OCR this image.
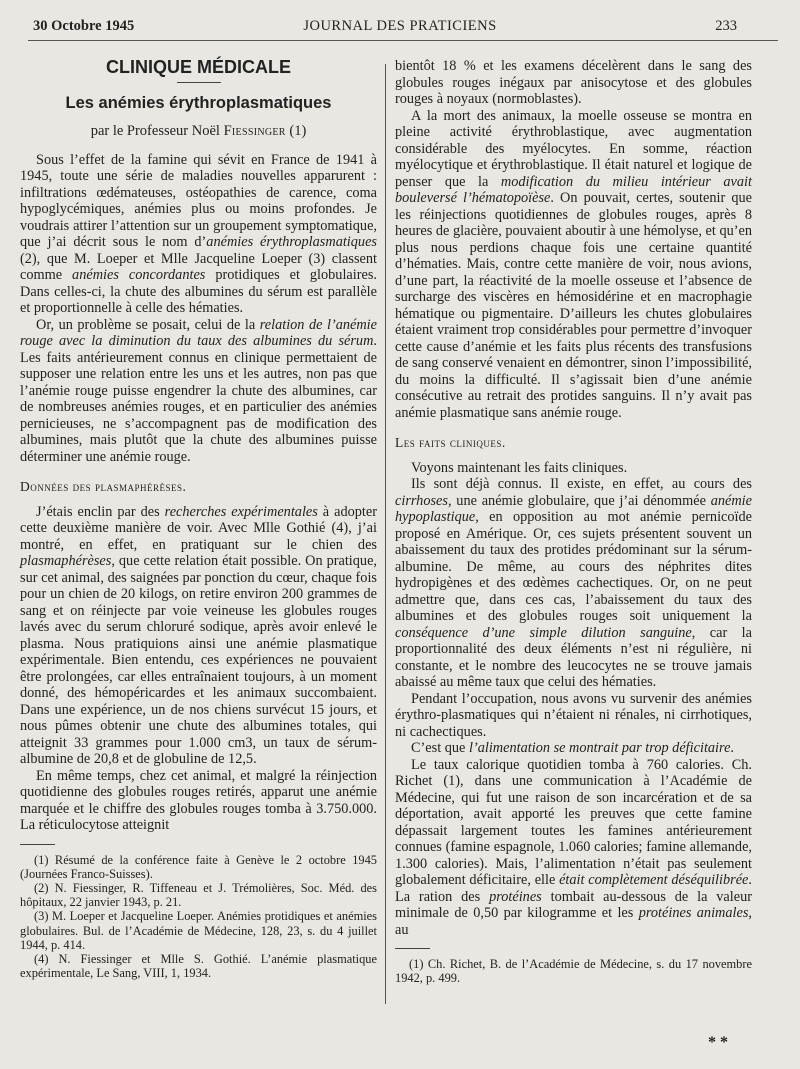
30 Octobre 1945	JOURNAL DES PRATICIENS	233
CLINIQUE MÉDICALE
Les anémies érythroplasmatiques
par le Professeur Noël Fiessinger (1)

Sous l’effet de la famine qui sévit en France de 1941 à 1945, toute une série de maladies nouvelles apparurent : infiltrations œdémateuses, ostéopathies de carence, coma hypoglycémiques, anémies plus ou moins profondes. Je voudrais attirer l’attention sur un groupement symptomatique, que j’ai décrit sous le nom d’anémies érythroplasmatiques (2), que M. Loeper et Mlle Jacqueline Loeper (3) classent comme anémies concordantes protidiques et globulaires. Dans celles-ci, la chute des albumines du sérum est parallèle et proportionnelle à celle des hématies.

Or, un problème se posait, celui de la relation de l’anémie rouge avec la diminution du taux des albumines du sérum. Les faits antérieurement connus en clinique permettaient de supposer une relation entre les uns et les autres, non pas que l’anémie rouge puisse engendrer la chute des albumines, car de nombreuses anémies rouges, et en particulier des anémies pernicieuses, ne s’accompagnent pas de modification des albumines, mais plutôt que la chute des albumines puisse déterminer une anémie rouge.

Données des plasmaphérèses.

J’étais enclin par des recherches expérimentales à adopter cette deuxième manière de voir. Avec Mlle Gothié (4), j’ai montré, en effet, en pratiquant sur le chien des plasmaphérèses, que cette relation était possible. On pratique, sur cet animal, des saignées par ponction du cœur, chaque fois pour un chien de 20 kilogs, on retire environ 200 grammes de sang et on réinjecte par voie veineuse les globules rouges lavés avec du serum chloruré sodique, après avoir enlevé le plasma. Nous pratiquions ainsi une anémie plasmatique expérimentale. Bien entendu, ces expériences ne pouvaient être prolongées, car elles entraînaient toujours, à un moment donné, des hémopéricardes et les animaux succombaient. Dans une expérience, un de nos chiens survécut 15 jours, et nous pûmes obtenir une chute des albumines totales, qui atteignit 33 grammes pour 1.000 cm3, un taux de sérum-albumine de 20,8 et de globuline de 12,5.

En même temps, chez cet animal, et malgré la réinjection quotidienne des globules rouges retirés, apparut une anémie marquée et le chiffre des globules rouges tomba à 3.750.000. La réticulocytose atteignit

(1) Résumé de la conférence faite à Genève le 2 octobre 1945 (Journées Franco-Suisses).

(2) N. Fiessinger, R. Tiffeneau et J. Trémolières, Soc. Méd. des hôpitaux, 22 janvier 1943, p. 21.

(3) M. Loeper et Jacqueline Loeper. Anémies protidiques et anémies globulaires. Bul. de l’Académie de Médecine, 128, 23, s. du 4 juillet 1944, p. 414.

(4) N. Fiessinger et Mlle S. Gothié. L’anémie plasmatique expérimentale, Le Sang, VIII, 1, 1934.

bientôt 18 % et les examens décelèrent dans le sang des globules rouges inégaux par anisocytose et des globules rouges à noyaux (normoblastes).

A la mort des animaux, la moelle osseuse se montra en pleine activité érythroblastique, avec augmentation considérable des myélocytes. En somme, réaction myélocytique et érythroblastique. Il était naturel et logique de penser que la modification du milieu intérieur avait bouleversé l’hématopoïèse. On pouvait, certes, soutenir que les réinjections quotidiennes de globules rouges, après 8 heures de glacière, pouvaient aboutir à une hémolyse, et qu’en plus nous perdions chaque fois une certaine quantité d’hématies. Mais, contre cette manière de voir, nous avions, d’une part, la réactivité de la moelle osseuse et l’absence de surcharge des viscères en hémosidérine et en macrophagie hématique ou pigmentaire. D’ailleurs les chutes globulaires étaient vraiment trop considérables pour permettre d’invoquer cette cause d’anémie et les faits plus récents des transfusions de sang conservé venaient en démontrer, sinon l’impossibilité, du moins la difficulté. Il s’agissait bien d’une anémie consécutive au retrait des protides sanguins. Il n’y avait pas anémie plasmatique sans anémie rouge.

Les faits cliniques.

Voyons maintenant les faits cliniques.

Ils sont déjà connus. Il existe, en effet, au cours des cirrhoses, une anémie globulaire, que j’ai dénommée anémie hypoplastique, en opposition au mot anémie pernicoïde proposé en Amérique. Or, ces sujets présentent souvent un abaissement du taux des protides prédominant sur la sérum-albumine. De même, au cours des néphrites dites hydropigènes et des œdèmes cachectiques. Or, on ne peut admettre que, dans ces cas, l’abaissement du taux des albumines et des globules rouges soit uniquement la conséquence d’une simple dilution sanguine, car la proportionnalité des deux éléments n’est ni régulière, ni constante, et le nombre des leucocytes ne se trouve jamais abaissé au même taux que celui des hématies.

Pendant l’occupation, nous avons vu survenir des anémies érythro-plasmatiques qui n’étaient ni rénales, ni cirrhotiques, ni cachectiques.

C’est que l’alimentation se montrait par trop déficitaire.

Le taux calorique quotidien tomba à 760 calories. Ch. Richet (1), dans une communication à l’Académie de Médecine, qui fut une raison de son incarcération et de sa déportation, avait apporté les preuves que cette famine dépassait largement toutes les famines antérieurement connues (famine espagnole, 1.060 calories; famine allemande, 1.300 calories). Mais, l’alimentation n’était pas seulement globalement déficitaire, elle était complètement déséquilibrée. La ration des protéines tombait au-dessous de la valeur minimale de 0,50 par kilogramme et les protéines animales, au

(1) Ch. Richet, B. de l’Académie de Médecine, s. du 17 novembre 1942, p. 499.

* *
